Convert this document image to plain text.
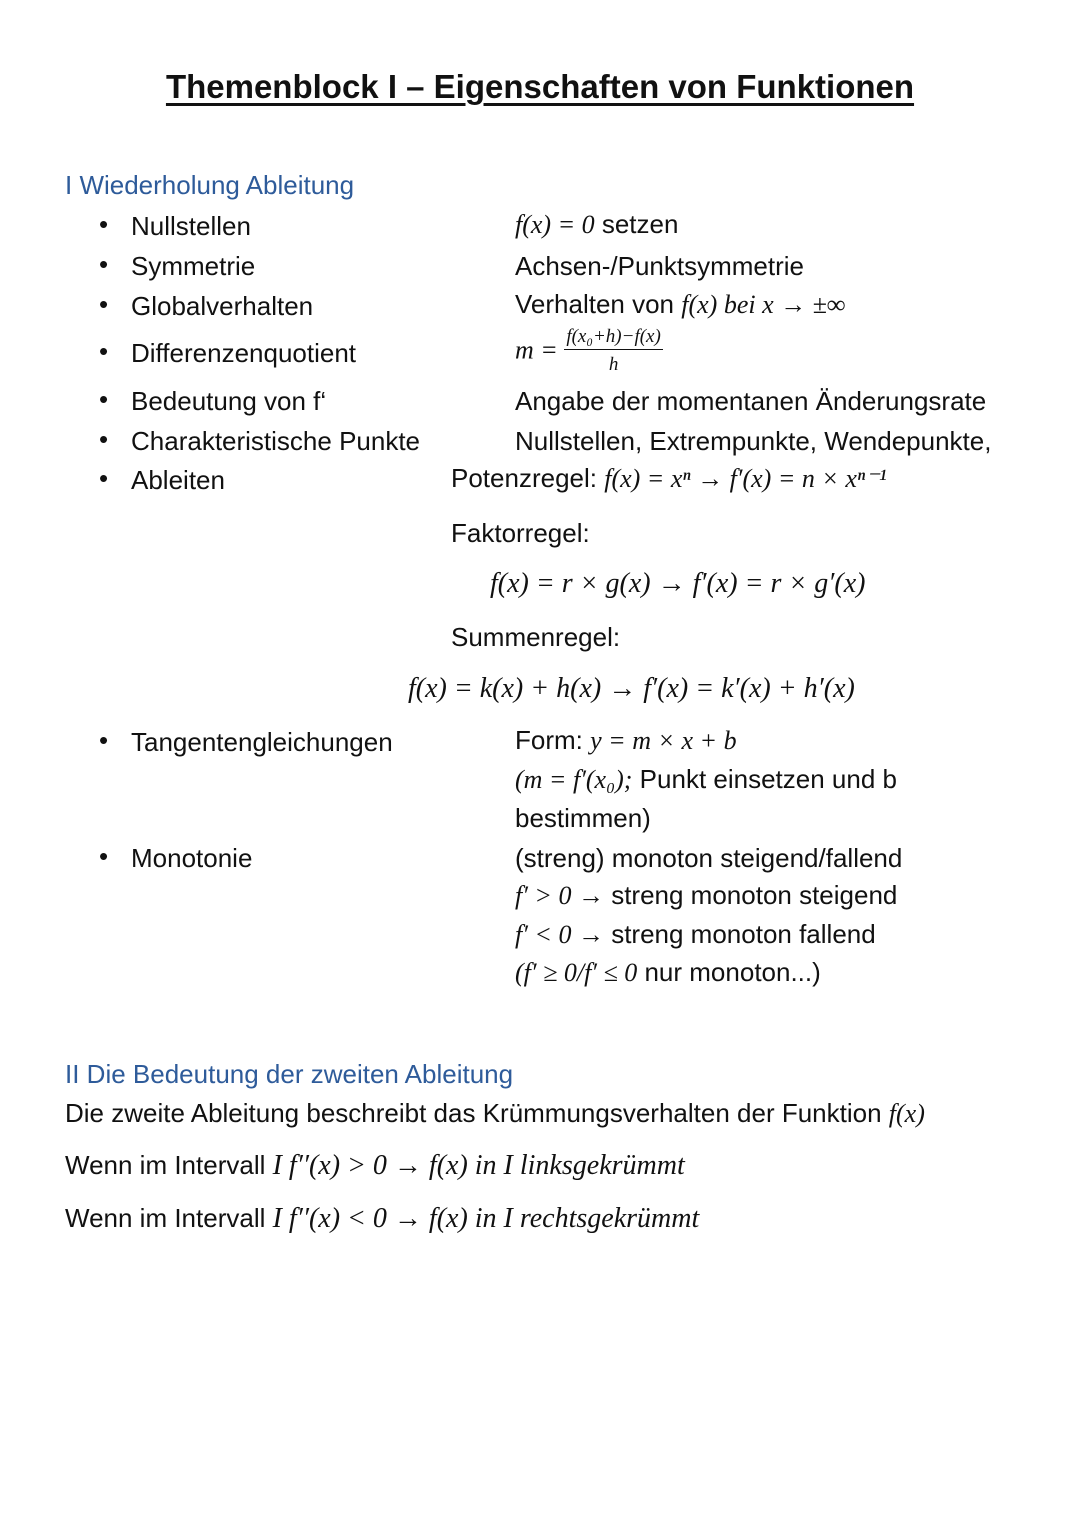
Themenblock I – Eigenschaften von Funktionen
I Wiederholung Ableitung
• Nullstellen
• Symmetrie
• Globalverhalten
• Differenzenquotient
• Bedeutung von f‘
• Charakteristische Punkte
• Ableiten
f(x) = 0 setzen
Achsen-/Punktsymmetrie
Verhalten von f(x) bei x → ±∞
$m = \frac{\text{f(x₀+h)−f(x)}}{h}$
Angabe der momentanen Änderungsrate
Nullstellen, Extrempunkte, Wendepunkte,
Potenzregel: f(x) = xⁿ → f′(x) = n × xⁿ⁻¹
Faktorregel:
f(x) = r × g(x) → f′(x) = r × g′(x)
Summenregel:
f(x) = k(x) + h(x) → f′(x) = k′(x) + h′(x)
• Tangentengleichungen	Form: y = m × x + b
(m = f′(x₀); Punkt einsetzen und b
bestimmen)
• Monotonie	(streng) monoton steigend/fallend
f′ > 0 → streng monoton steigend
f′ < 0 → streng monoton fallend
(f′ ≥ 0/f′ ≤ 0 nur monoton...)
II Die Bedeutung der zweiten Ableitung
Die zweite Ableitung beschreibt das Krümmungsverhalten der Funktion f(x)
Wenn im Intervall I f′′(x) > 0 → f(x) in I linksgekrümmt
Wenn im Intervall I f′′(x) < 0 → f(x) in I rechtsgekrümmt
